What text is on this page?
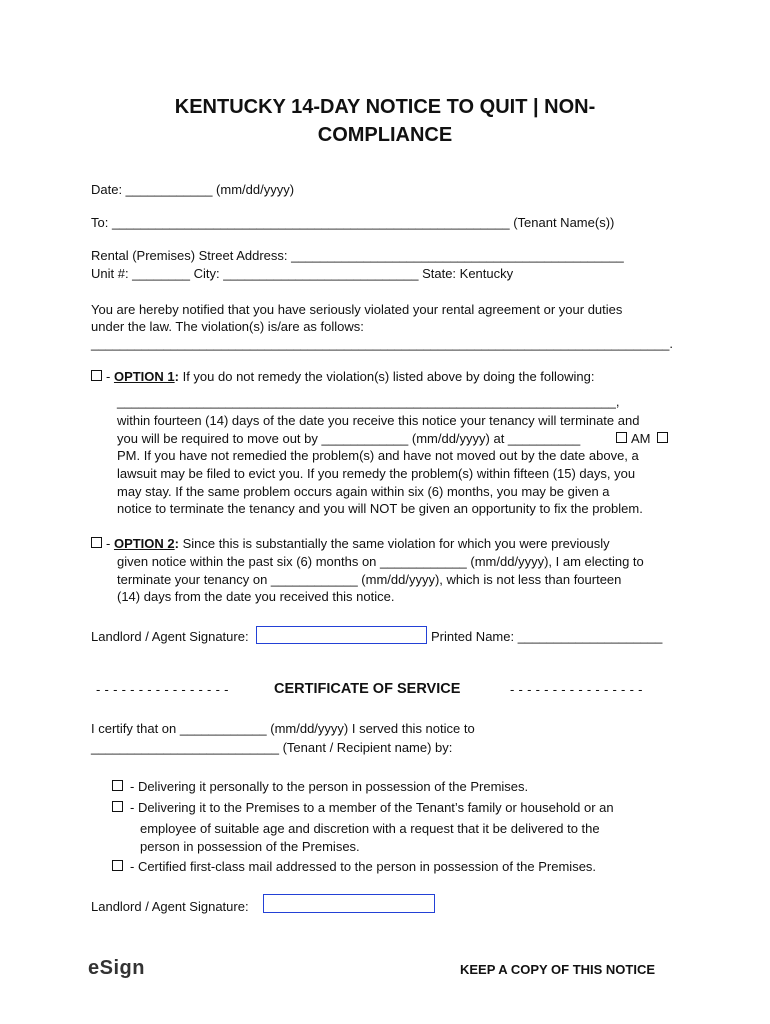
KENTUCKY 14-DAY NOTICE TO QUIT | NON-
COMPLIANCE
Date: ____________ (mm/dd/yyyy)
To: _______________________________________________________ (Tenant Name(s))
Rental (Premises) Street Address: ______________________________________________
Unit #: ________ City: ___________________________ State: Kentucky
You are hereby notified that you have seriously violated your rental agreement or your duties
under the law. The violation(s) is/are as follows:
________________________________________________________________________________.
- OPTION 1: If you do not remedy the violation(s) listed above by doing the following:
_____________________________________________________________________,
within fourteen (14) days of the date you receive this notice your tenancy will terminate and
you will be required to move out by ____________ (mm/dd/yyyy) at __________	AM
PM. If you have not remedied the problem(s) and have not moved out by the date above, a
lawsuit may be filed to evict you. If you remedy the problem(s) within fifteen (15) days, you
may stay. If the same problem occurs again within six (6) months, you may be given a
notice to terminate the tenancy and you will NOT be given an opportunity to fix the problem.
- OPTION 2: Since this is substantially the same violation for which you were previously
given notice within the past six (6) months on ____________ (mm/dd/yyyy), I am electing to
terminate your tenancy on ____________ (mm/dd/yyyy), which is not less than fourteen
(14) days from the date you received this notice.
Landlord / Agent Signature:	Printed Name: ____________________
- - - - - - - - - - - - - - - -	CERTIFICATE OF SERVICE	- - - - - - - - - - - - - - - -
I certify that on ____________ (mm/dd/yyyy) I served this notice to
__________________________ (Tenant / Recipient name) by:
- Delivering it personally to the person in possession of the Premises.
- Delivering it to the Premises to a member of the Tenant’s family or household or an
employee of suitable age and discretion with a request that it be delivered to the
person in possession of the Premises.
- Certified first-class mail addressed to the person in possession of the Premises.
Landlord / Agent Signature:
eSign	KEEP A COPY OF THIS NOTICE
